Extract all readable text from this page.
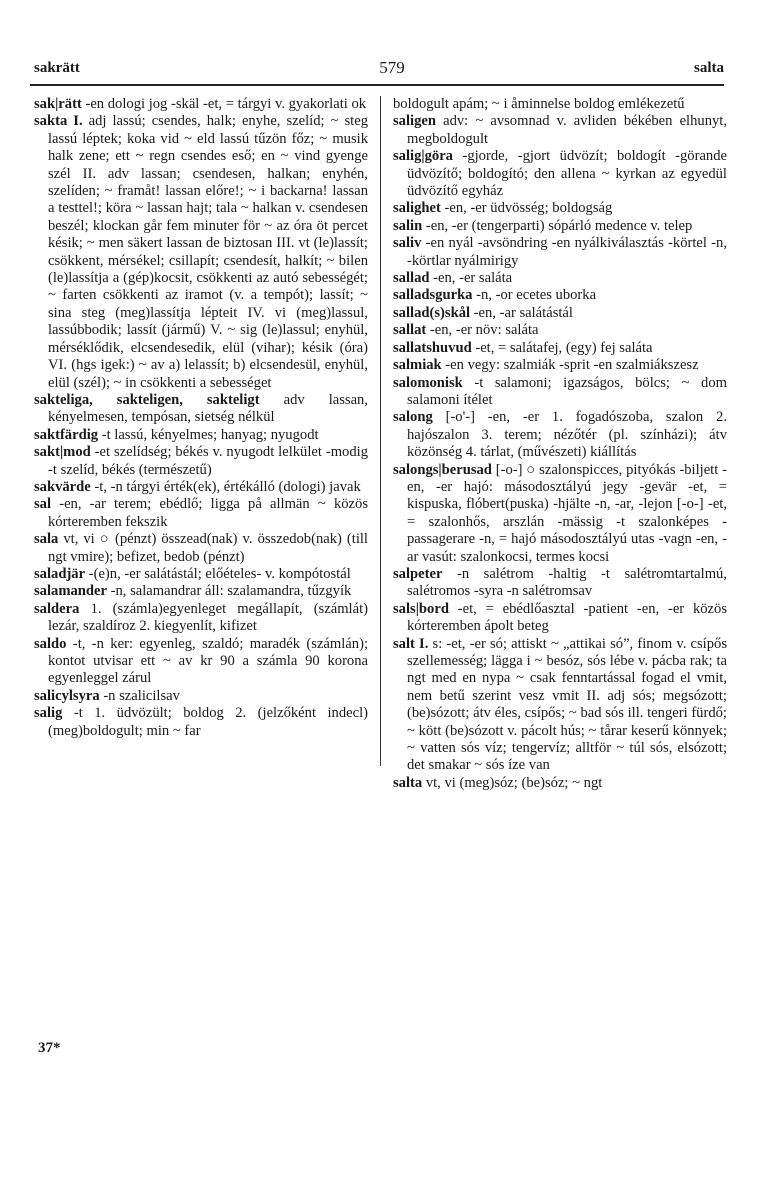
sakrätt	579	salta

sak|rätt -en dologi jog -skäl -et, = tárgyi v. gyakorlati ok

sakta I. adj lassú; csendes, halk; enyhe, szelíd; ~ steg lassú léptek; koka vid ~ eld lassú tűzön főz; ~ musik halk zene; ett ~ regn csendes eső; en ~ vind gyenge szél II. adv lassan; csendesen, halkan; enyhén, szelíden; ~ framåt! lassan előre!; ~ i backarna! lassan a testtel!; köra ~ lassan hajt; tala ~ halkan v. csendesen beszél; klockan går fem minuter för ~ az óra öt percet késik; ~ men säkert lassan de biztosan III. vt (le)lassít; csökkent, mérsékel; csillapít; csendesít, halkít; ~ bilen (le)lassítja a (gép)kocsit, csökkenti az autó sebességét; ~ farten csökkenti az iramot (v. a tempót); lassít; ~ sina steg (meg)lassítja lépteit IV. vi (meg)lassul, lassúbbodik; lassít (jármű) V. ~ sig (le)lassul; enyhül, mérséklődik, elcsendesedik, elül (vihar); késik (óra) VI. (hgs igek:) ~ av a) lelassít; b) elcsendesül, enyhül, elül (szél); ~ in csökkenti a sebességet

sakteliga, sakteligen, sakteligt adv lassan, kényelmesen, tempósan, sietség nélkül

saktfärdig -t lassú, kényelmes; hanyag; nyugodt

sakt|mod -et szelídség; békés v. nyugodt lelkület -modig -t szelíd, békés (természetű)

sakvärde -t, -n tárgyi érték(ek), értékálló (dologi) javak

sal -en, -ar terem; ebédlő; ligga på allmän ~ közös kórteremben fekszik

sala vt, vi ○ (pénzt) összead(nak) v. összedob(nak) (till ngt vmire); befizet, bedob (pénzt)

saladjär -(e)n, -er salátástál; előételes- v. kompótostál

salamander -n, salamandrar áll: szalamandra, tűzgyík

saldera 1. (számla)egyenleget megállapít, (számlát) lezár, szaldíroz 2. kiegyenlít, kifizet

saldo -t, -n ker: egyenleg, szaldó; maradék (számlán); kontot utvisar ett ~ av kr 90 a számla 90 korona egyenleggel zárul

salicylsyra -n szalicilsav

salig -t 1. üdvözült; boldog 2. (jelzőként indecl) (meg)boldogult; min ~ far

boldogult apám; ~ i åminnelse boldog emlékezetű

saligen adv: ~ avsomnad v. avliden békében elhunyt, megboldogult

salig|göra -gjorde, -gjort üdvözít; boldogít -görande üdvözítő; boldogító; den allena ~ kyrkan az egyedül üdvözítő egyház

salighet -en, -er üdvösség; boldogság

salin -en, -er (tengerparti) sópárló medence v. telep

saliv -en nyál -avsöndring -en nyálkiválasztás -körtel -n, -körtlar nyálmirigy

sallad -en, -er saláta

salladsgurka -n, -or ecetes uborka

sallad(s)skål -en, -ar salátástál

sallat -en, -er növ: saláta

sallatshuvud -et, = salátafej, (egy) fej saláta

salmiak -en vegy: szalmiák -sprit -en szalmiákszesz

salomonisk -t salamoni; igazságos, bölcs; ~ dom salamoni ítélet

salong [-o'-] -en, -er 1. fogadószoba, szalon 2. hajószalon 3. terem; nézőtér (pl. színházi); átv közönség 4. tárlat, (művészeti) kiállítás

salongs|berusad [-o-] ○ szalonspicces, pityókás -biljett -en, -er hajó: másodosztályú jegy -gevär -et, = kispuska, flóbert(puska) -hjälte -n, -ar, -lejon [-o-] -et, = szalonhős, arszlán -mässig -t szalonképes -passagerare -n, = hajó másodosztályú utas -vagn -en, -ar vasút: szalonkocsi, termes kocsi

salpeter -n salétrom -haltig -t salétromtartalmú, salétromos -syra -n salétromsav

sals|bord -et, = ebédlőasztal -patient -en, -er közös kórteremben ápolt beteg

salt I. s: -et, -er só; attiskt ~ „attikai só”, finom v. csípős szellemesség; lägga i ~ besóz, sós lébe v. pácba rak; ta ngt med en nypa ~ csak fenntartással fogad el vmit, nem betű szerint vesz vmit II. adj sós; megsózott; (be)sózott; átv éles, csípős; ~ bad sós ill. tengeri fürdő; ~ kött (be)sózott v. pácolt hús; ~ tårar keserű könnyek; ~ vatten sós víz; tengervíz; alltför ~ túl sós, elsózott; det smakar ~ sós íze van

salta vt, vi (meg)sóz; (be)sóz; ~ ngt

37*
